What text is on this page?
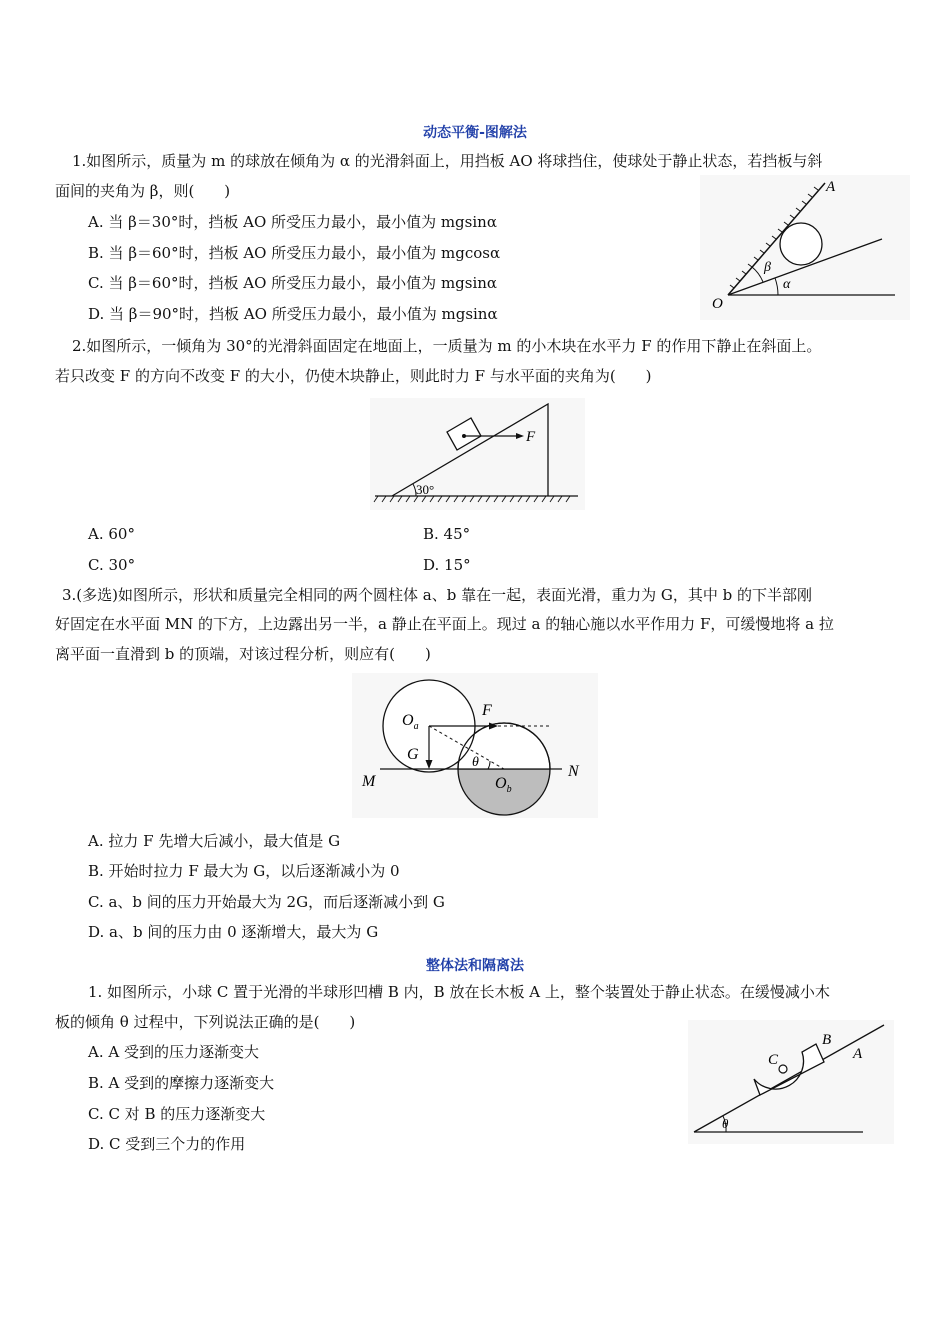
动态平衡-图解法
1.如图所示，质量为 m 的球放在倾角为 α 的光滑斜面上，用挡板 AO 将球挡住，使球处于静止状态，若挡板与斜
面间的夹角为 β，则(　　)
A. 当 β＝30°时，挡板 AO 所受压力最小，最小值为 mgsinα
B. 当 β＝60°时，挡板 AO 所受压力最小，最小值为 mgcosα
C. 当 β＝60°时，挡板 AO 所受压力最小，最小值为 mgsinα
D. 当 β＝90°时，挡板 AO 所受压力最小，最小值为 mgsinα
A
O
β
α
2.如图所示，一倾角为 30°的光滑斜面固定在地面上，一质量为 m 的小木块在水平力 F 的作用下静止在斜面上。
若只改变 F 的方向不改变 F 的大小，仍使木块静止，则此时力 F 与水平面的夹角为(　　)
F
30°
A. 60°	B. 45°
C. 30°	D. 15°
3.(多选)如图所示，形状和质量完全相同的两个圆柱体 a、b 靠在一起，表面光滑，重力为 G，其中 b 的下半部刚
好固定在水平面 MN 的下方，上边露出另一半，a 静止在平面上。现过 a 的轴心施以水平作用力 F，可缓慢地将 a 拉
离平面一直滑到 b 的顶端，对该过程分析，则应有(　　)
$O_a$
F
G	θ
M
N
$O_b$
A. 拉力 F 先增大后减小，最大值是 G
B. 开始时拉力 F 最大为 G，以后逐渐减小为 0
C. a、b 间的压力开始最大为 2G，而后逐渐减小到 G
D. a、b 间的压力由 0 逐渐增大，最大为 G
整体法和隔离法
1. 如图所示，小球 C 置于光滑的半球形凹槽 B 内，B 放在长木板 A 上，整个装置处于静止状态。在缓慢减小木
板的倾角 θ 过程中，下列说法正确的是(　　)
A. A 受到的压力逐渐变大
B. A 受到的摩擦力逐渐变大
C. C 对 B 的压力逐渐变大
D. C 受到三个力的作用
C
B
A
θ
